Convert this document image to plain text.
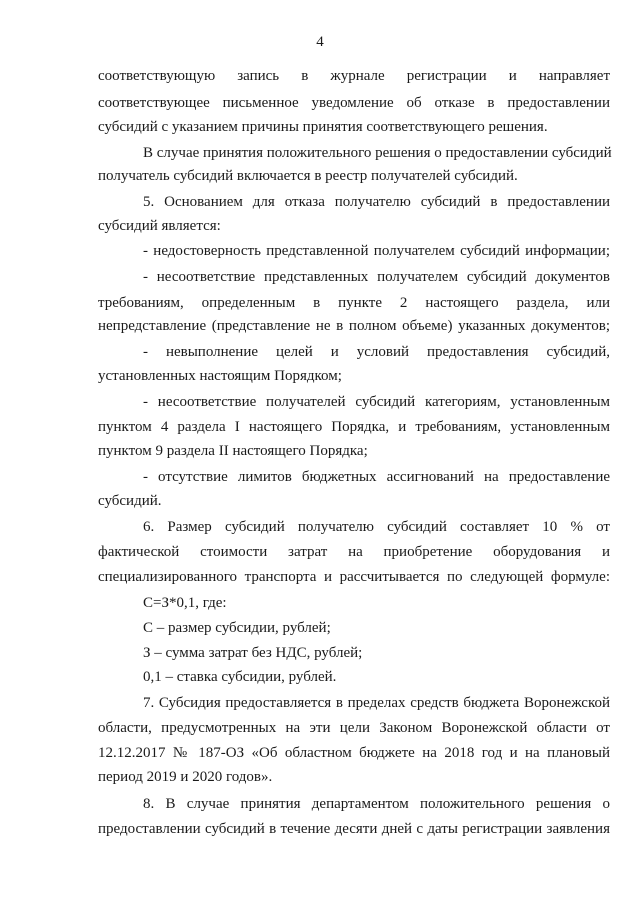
4
соответствующую запись в журнале регистрации и направляет
соответствующее письменное уведомление об отказе в предоставлении
субсидий с указанием причины принятия соответствующего решения.
В случае принятия положительного решения о предоставлении субсидий
получатель субсидий включается в реестр получателей субсидий.
5. Основанием для отказа получателю субсидий в предоставлении
субсидий является:
- недостоверность представленной получателем субсидий информации;
- несоответствие представленных получателем субсидий документов
требованиям, определенным в пункте 2 настоящего раздела, или
непредставление (представление не в полном объеме) указанных документов;
- невыполнение целей и условий предоставления субсидий,
установленных настоящим Порядком;
- несоответствие получателей субсидий категориям, установленным
пунктом 4 раздела I настоящего Порядка, и требованиям, установленным
пунктом 9 раздела II настоящего Порядка;
- отсутствие лимитов бюджетных ассигнований на предоставление
субсидий.
6. Размер субсидий получателю субсидий составляет 10 % от
фактической стоимости затрат на приобретение оборудования и
специализированного транспорта и рассчитывается по следующей формуле:
С=З*0,1, где:
С – размер субсидии, рублей;
З – сумма затрат без НДС, рублей;
0,1 – ставка субсидии, рублей.
7. Субсидия предоставляется в пределах средств бюджета Воронежской
области, предусмотренных на эти цели Законом Воронежской области от
12.12.2017 № 187-ОЗ «Об областном бюджете на 2018 год и на плановый
период 2019 и 2020 годов».
8. В случае принятия департаментом положительного решения о
предоставлении субсидий в течение десяти дней с даты регистрации заявления
